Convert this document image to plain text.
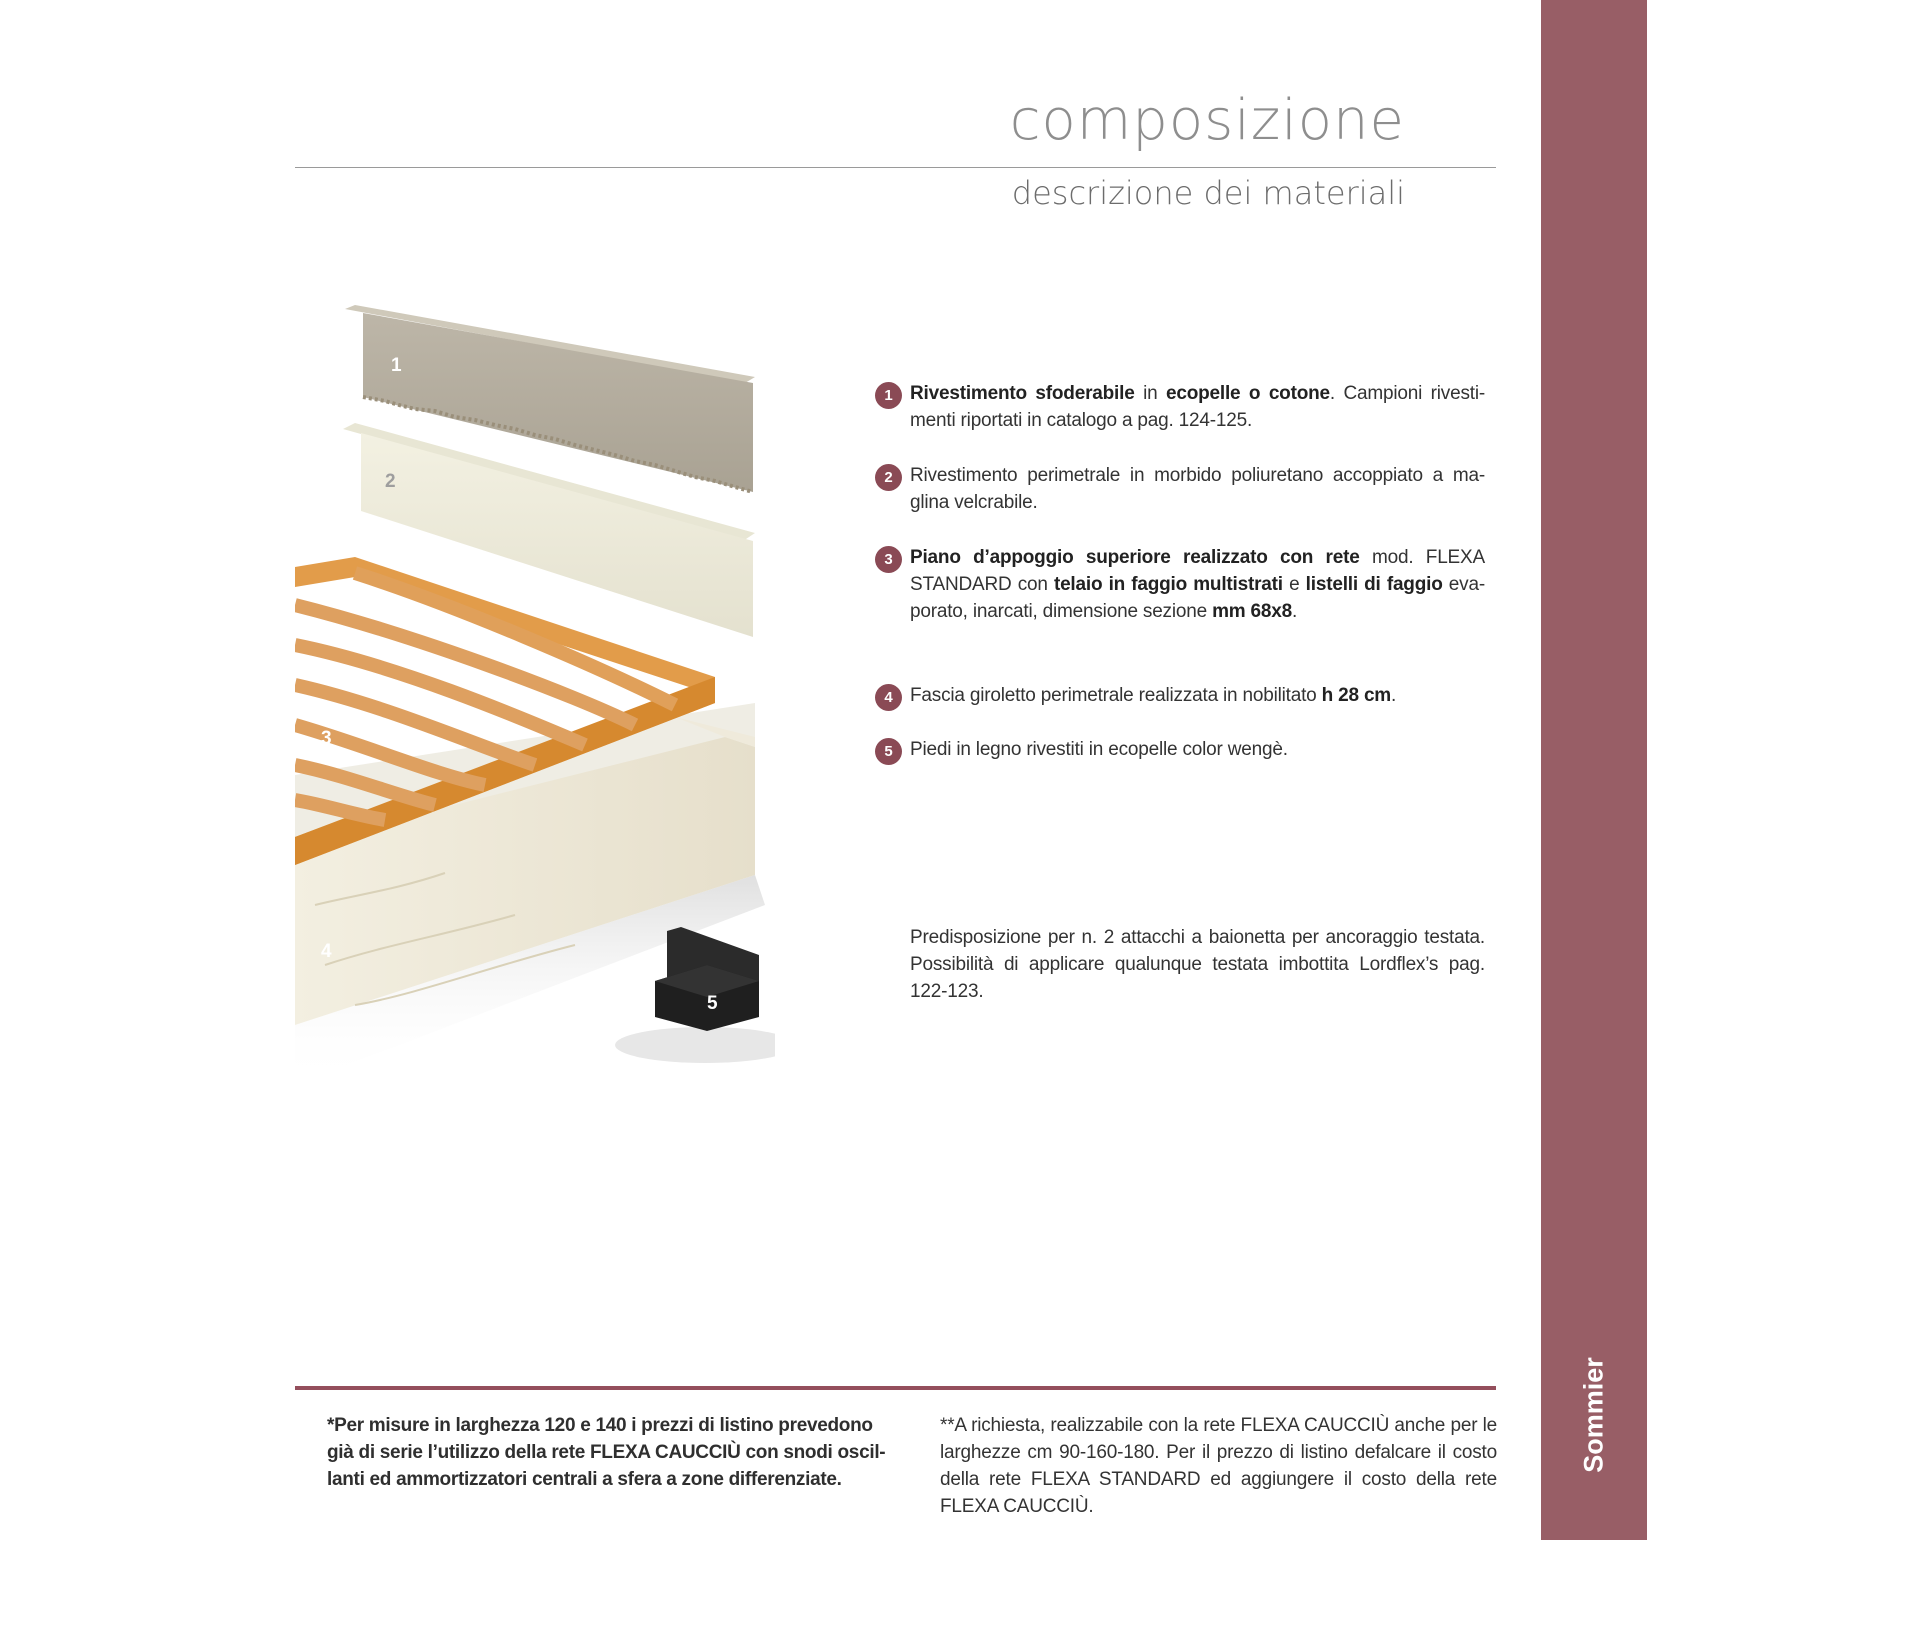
composizione
descrizione dei materiali
1
2
4
3
5
1 Rivestimento sfoderabile in ecopelle o cotone. Campioni rivesti-menti riportati in catalogo a pag. 124-125.
2 Rivestimento perimetrale in morbido poliuretano accoppiato a ma-glina velcrabile.
3 Piano d’appoggio superiore realizzato con rete mod. FLEXA STANDARD con telaio in faggio multistrati e listelli di faggio eva-porato, inarcati, dimensione sezione mm 68x8.
4 Fascia giroletto perimetrale realizzata in nobilitato h 28 cm.
5 Piedi in legno rivestiti in ecopelle color wengè.

Predisposizione per n. 2 attacchi a baionetta per ancoraggio testata. Possibilità di applicare qualunque testata imbottita Lordflex’s pag. 122-123.

*Per misure in larghezza 120 e 140 i prezzi di listino prevedono già di serie l’utilizzo della rete FLEXA CAUCCIÙ con snodi oscil-lanti ed ammortizzatori centrali a sfera a zone differenziate.

**A richiesta, realizzabile con la rete FLEXA CAUCCIÙ anche per le larghezze cm 90-160-180. Per il prezzo di listino defalcare il costo della rete FLEXA STANDARD ed aggiungere il costo della rete FLEXA CAUCCIÙ.

Sommier
